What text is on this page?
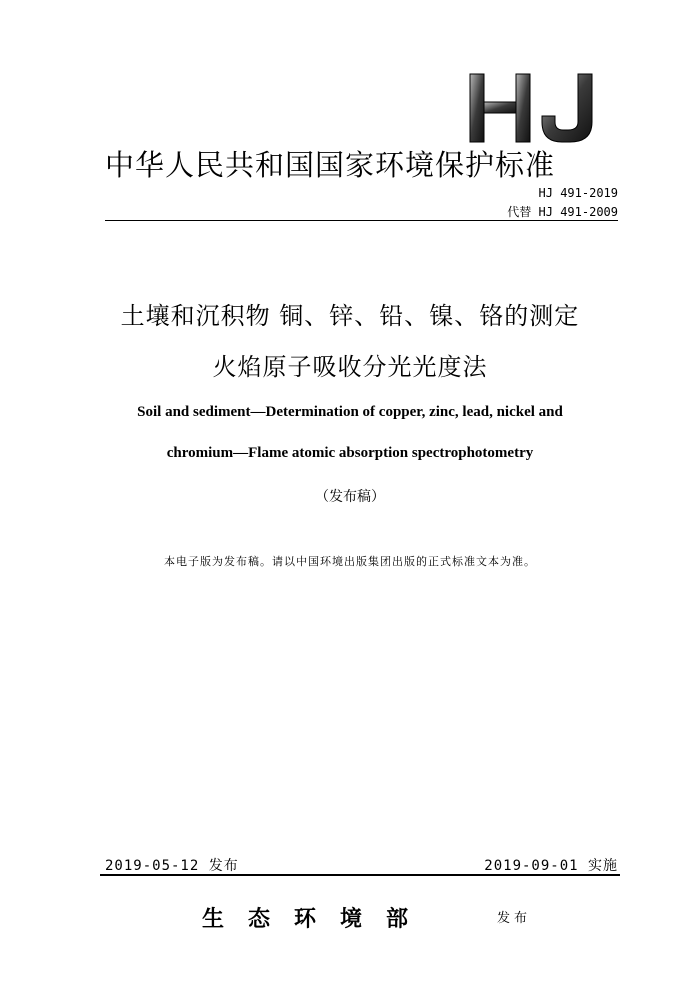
中华人民共和国国家环境保护标准
HJ 491-2019
代替 HJ 491-2009
土壤和沉积物 铜、锌、铅、镍、铬的测定
火焰原子吸收分光光度法
Soil and sediment—Determination of copper, zinc, lead, nickel and
chromium—Flame atomic absorption spectrophotometry
（发布稿）
本电子版为发布稿。请以中国环境出版集团出版的正式标准文本为准。
2019-05-12 发布	2019-09-01 实施
生态环境部	发布
